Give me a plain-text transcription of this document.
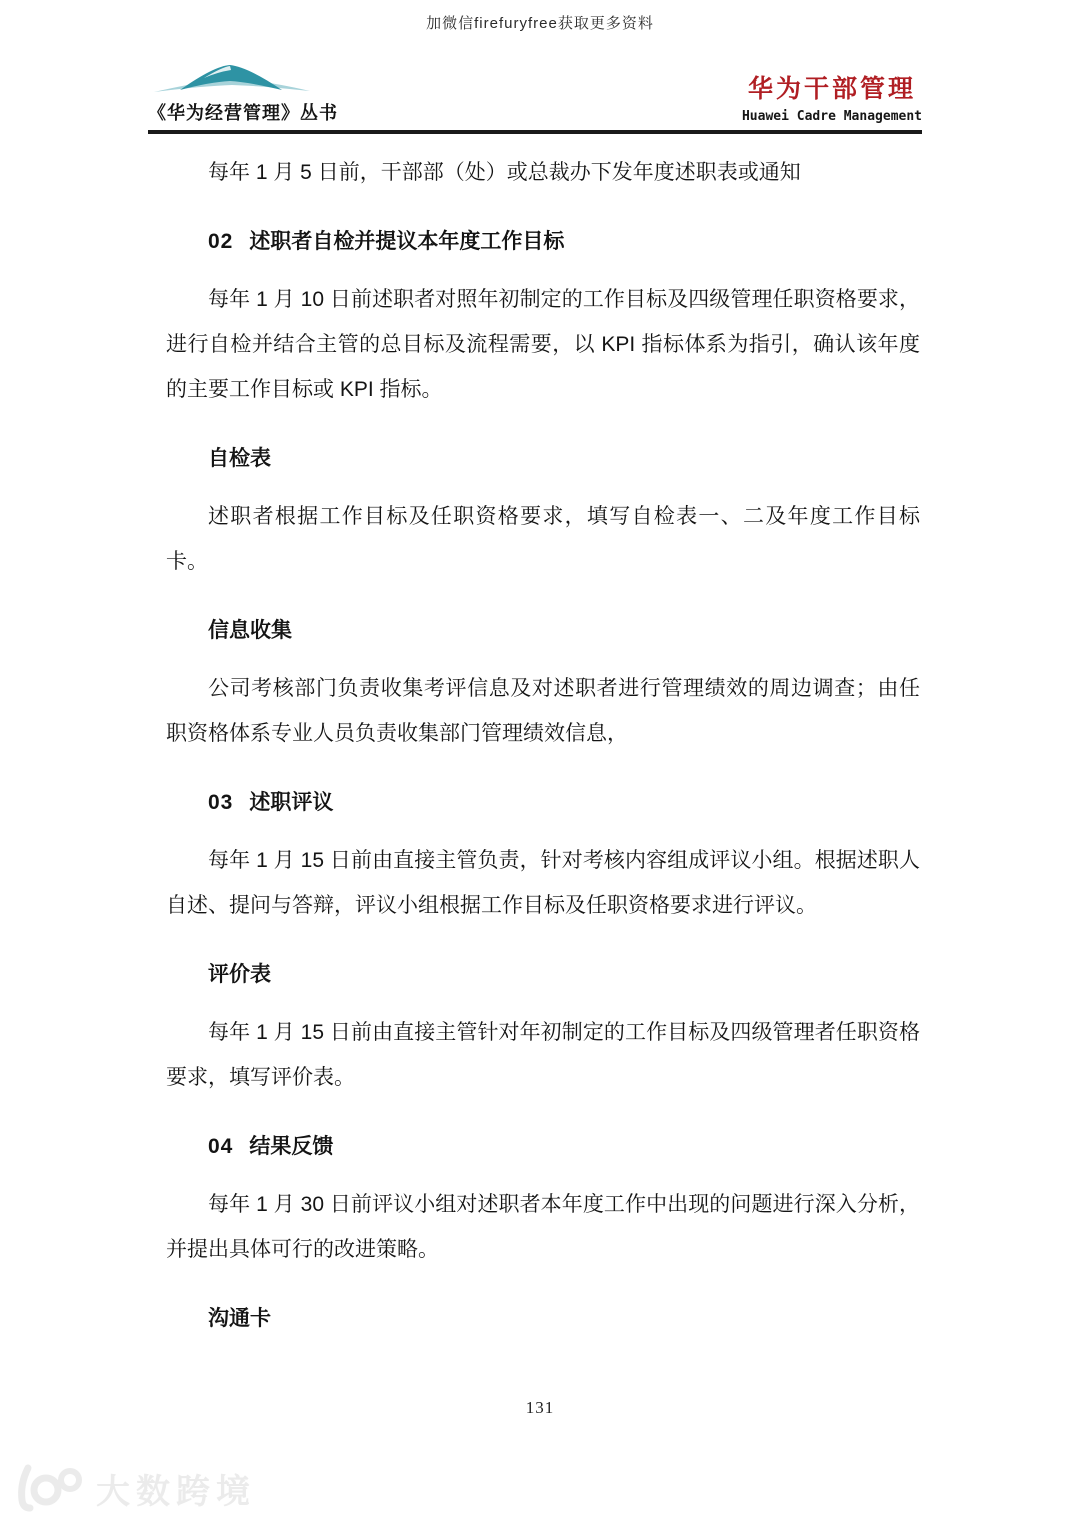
加微信firefuryfree获取更多资料
《华为经营管理》丛书
华为干部管理
Huawei Cadre Management

每年 1 月 5 日前，干部部（处）或总裁办下发年度述职表或通知

02 述职者自检并提议本年度工作目标

每年 1 月 10 日前述职者对照年初制定的工作目标及四级管理任职资格要求，进行自检并结合主管的总目标及流程需要，以 KPI 指标体系为指引，确认该年度的主要工作目标或 KPI 指标。

自检表

述职者根据工作目标及任职资格要求，填写自检表一、二及年度工作目标卡。

信息收集

公司考核部门负责收集考评信息及对述职者进行管理绩效的周边调查；由任职资格体系专业人员负责收集部门管理绩效信息，

03 述职评议

每年 1 月 15 日前由直接主管负责，针对考核内容组成评议小组。根据述职人自述、提问与答辩，评议小组根据工作目标及任职资格要求进行评议。

评价表

每年 1 月 15 日前由直接主管针对年初制定的工作目标及四级管理者任职资格要求，填写评价表。

04 结果反馈

每年 1 月 30 日前评议小组对述职者本年度工作中出现的问题进行深入分析，并提出具体可行的改进策略。

沟通卡
131
大数跨境
